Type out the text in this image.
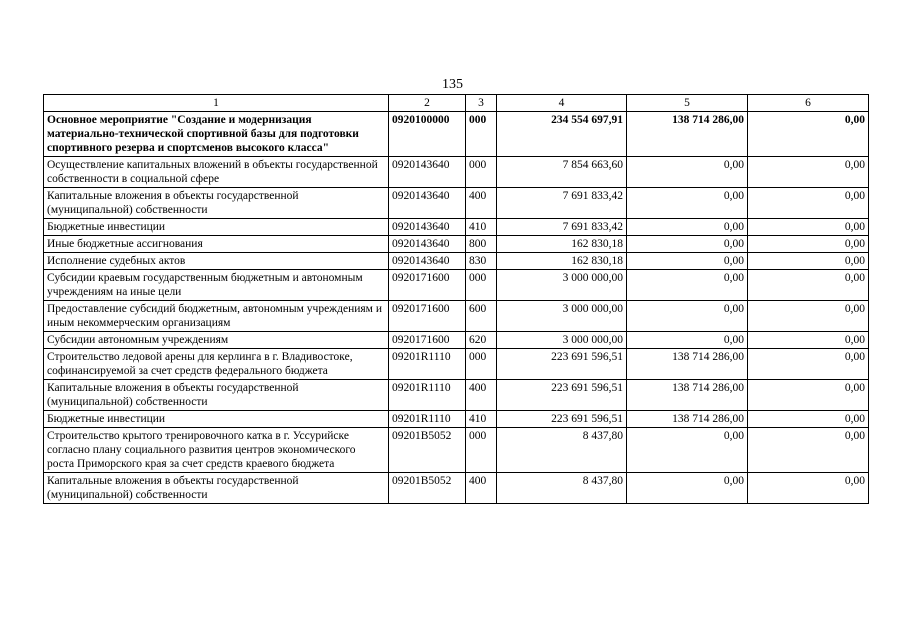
135
1	2	3	4	5	6
Основное мероприятие "Создание и модернизация материально-технической спортивной базы для подготовки спортивного резерва и спортсменов высокого класса"	0920100000	000	234 554 697,91	138 714 286,00	0,00
Осуществление капитальных вложений в объекты государственной собственности в социальной сфере	0920143640	000	7 854 663,60	0,00	0,00
Капитальные вложения в объекты государственной (муниципальной) собственности	0920143640	400	7 691 833,42	0,00	0,00
Бюджетные инвестиции	0920143640	410	7 691 833,42	0,00	0,00
Иные бюджетные ассигнования	0920143640	800	162 830,18	0,00	0,00
Исполнение судебных актов	0920143640	830	162 830,18	0,00	0,00
Субсидии краевым государственным бюджетным и автономным учреждениям на иные цели	0920171600	000	3 000 000,00	0,00	0,00
Предоставление субсидий бюджетным, автономным учреждениям и иным некоммерческим организациям	0920171600	600	3 000 000,00	0,00	0,00
Субсидии автономным учреждениям	0920171600	620	3 000 000,00	0,00	0,00
Строительство ледовой арены для керлинга в г. Владивостоке, софинансируемой за счет средств федерального бюджета	09201R1110	000	223 691 596,51	138 714 286,00	0,00
Капитальные вложения в объекты государственной (муниципальной) собственности	09201R1110	400	223 691 596,51	138 714 286,00	0,00
Бюджетные инвестиции	09201R1110	410	223 691 596,51	138 714 286,00	0,00
Строительство крытого тренировочного катка в г. Уссурийске согласно плану социального развития центров экономического роста Приморского края за счет средств краевого бюджета	09201B5052	000	8 437,80	0,00	0,00
Капитальные вложения в объекты государственной (муниципальной) собственности	09201B5052	400	8 437,80	0,00	0,00
